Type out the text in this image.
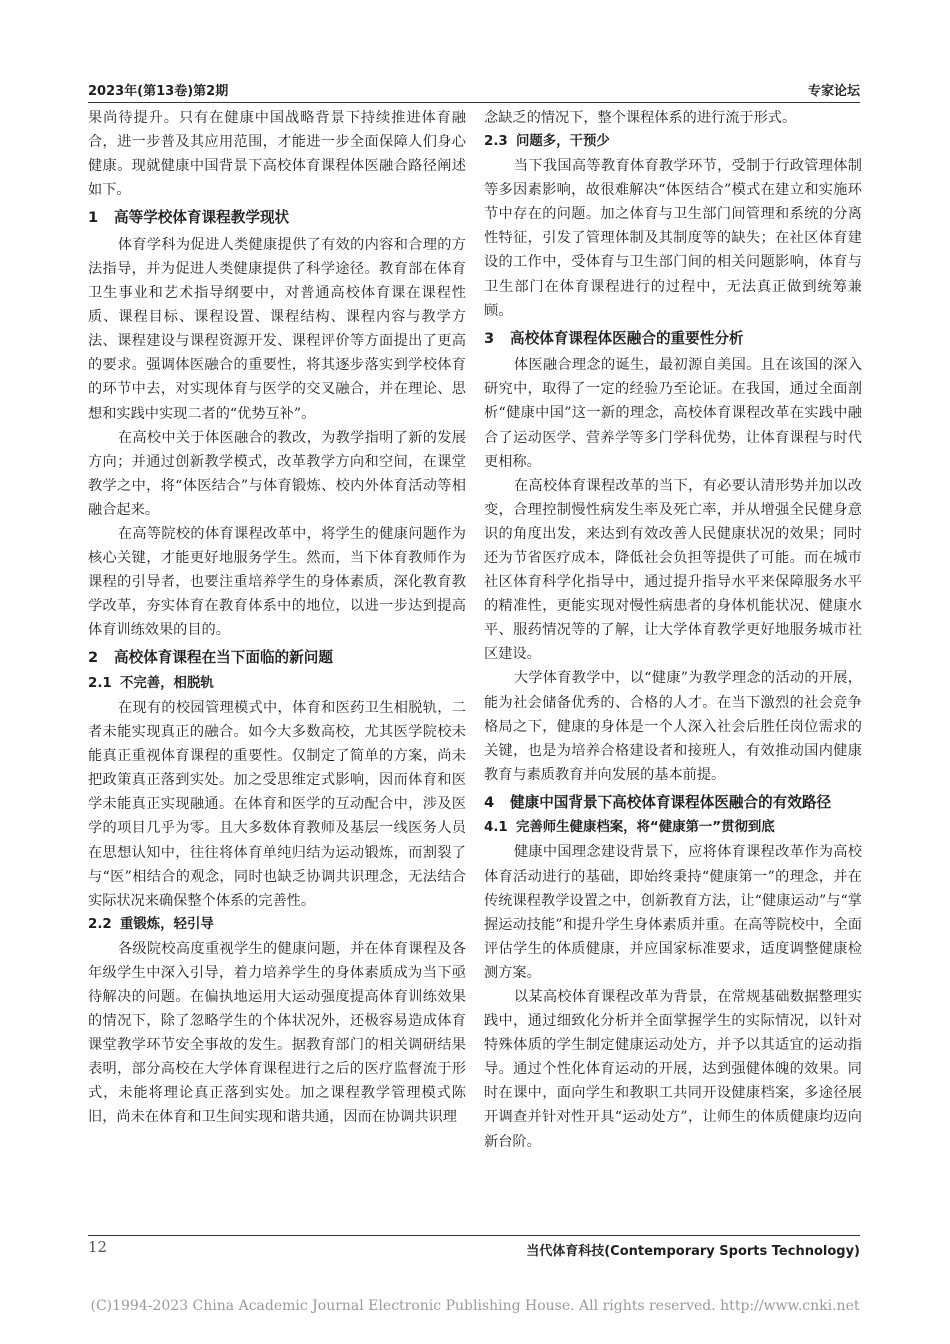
2023年(第13卷)第2期	专家论坛

果尚待提升。只有在健康中国战略背景下持续推进体育融合，进一步普及其应用范围，才能进一步全面保障人们身心健康。现就健康中国背景下高校体育课程体医融合路径阐述如下。

1 高等学校体育课程教学现状

体育学科为促进人类健康提供了有效的内容和合理的方法指导，并为促进人类健康提供了科学途径。教育部在体育卫生事业和艺术指导纲要中，对普通高校体育课在课程性质、课程目标、课程设置、课程结构、课程内容与教学方法、课程建设与课程资源开发、课程评价等方面提出了更高的要求。强调体医融合的重要性，将其逐步落实到学校体育的环节中去，对实现体育与医学的交叉融合，并在理论、思想和实践中实现二者的“优势互补”。

在高校中关于体医融合的教改，为教学指明了新的发展方向；并通过创新教学模式，改革教学方向和空间，在课堂教学之中，将“体医结合”与体育锻炼、校内外体育活动等相融合起来。

在高等院校的体育课程改革中，将学生的健康问题作为核心关键，才能更好地服务学生。然而，当下体育教师作为课程的引导者，也要注重培养学生的身体素质，深化教育教学改革，夯实体育在教育体系中的地位，以进一步达到提高体育训练效果的目的。

2 高校体育课程在当下面临的新问题
2.1 不完善，相脱轨

在现有的校园管理模式中，体育和医药卫生相脱轨，二者未能实现真正的融合。如今大多数高校，尤其医学院校未能真正重视体育课程的重要性。仅制定了简单的方案，尚未把政策真正落到实处。加之受思维定式影响，因而体育和医学未能真正实现融通。在体育和医学的互动配合中，涉及医学的项目几乎为零。且大多数体育教师及基层一线医务人员在思想认知中，往往将体育单纯归结为运动锻炼，而割裂了与“医”相结合的观念，同时也缺乏协调共识理念，无法结合实际状况来确保整个体系的完善性。

2.2 重锻炼，轻引导

各级院校高度重视学生的健康问题，并在体育课程及各年级学生中深入引导，着力培养学生的身体素质成为当下亟待解决的问题。在偏执地运用大运动强度提高体育训练效果的情况下，除了忽略学生的个体状况外，还极容易造成体育课堂教学环节安全事故的发生。据教育部门的相关调研结果表明，部分高校在大学体育课程进行之后的医疗监督流于形式，未能将理论真正落到实处。加之课程教学管理模式陈旧，尚未在体育和卫生间实现和谐共通，因而在协调共识理

念缺乏的情况下，整个课程体系的进行流于形式。

2.3 问题多，干预少

当下我国高等教育体育教学环节，受制于行政管理体制等多因素影响，故很难解决“体医结合”模式在建立和实施环节中存在的问题。加之体育与卫生部门间管理和系统的分离性特征，引发了管理体制及其制度等的缺失；在社区体育建设的工作中，受体育与卫生部门间的相关问题影响，体育与卫生部门在体育课程进行的过程中，无法真正做到统筹兼顾。

3 高校体育课程体医融合的重要性分析

体医融合理念的诞生，最初源自美国。且在该国的深入研究中，取得了一定的经验乃至论证。在我国，通过全面剖析“健康中国”这一新的理念，高校体育课程改革在实践中融合了运动医学、营养学等多门学科优势，让体育课程与时代更相称。

在高校体育课程改革的当下，有必要认清形势并加以改变，合理控制慢性病发生率及死亡率，并从增强全民健身意识的角度出发，来达到有效改善人民健康状况的效果；同时还为节省医疗成本，降低社会负担等提供了可能。而在城市社区体育科学化指导中，通过提升指导水平来保障服务水平的精准性，更能实现对慢性病患者的身体机能状况、健康水平、服药情况等的了解，让大学体育教学更好地服务城市社区建设。

大学体育教学中，以“健康”为教学理念的活动的开展，能为社会储备优秀的、合格的人才。在当下激烈的社会竞争格局之下，健康的身体是一个人深入社会后胜任岗位需求的关键，也是为培养合格建设者和接班人，有效推动国内健康教育与素质教育并向发展的基本前提。

4 健康中国背景下高校体育课程体医融合的有效路径
4.1 完善师生健康档案，将“健康第一”贯彻到底

健康中国理念建设背景下，应将体育课程改革作为高校体育活动进行的基础，即始终秉持“健康第一”的理念，并在传统课程教学设置之中，创新教育方法，让“健康运动”与“掌握运动技能”和提升学生身体素质并重。在高等院校中，全面评估学生的体质健康，并应国家标准要求，适度调整健康检测方案。

以某高校体育课程改革为背景，在常规基础数据整理实践中，通过细致化分析并全面掌握学生的实际情况，以针对特殊体质的学生制定健康运动处方，并予以其适宜的运动指导。通过个性化体育运动的开展，达到强健体魄的效果。同时在课中，面向学生和教职工共同开设健康档案，多途径展开调查并针对性开具“运动处方”，让师生的体质健康均迈向新台阶。

12	当代体育科技(Contemporary Sports Technology)
(C)1994-2023 China Academic Journal Electronic Publishing House. All rights reserved. http://www.cnki.net
